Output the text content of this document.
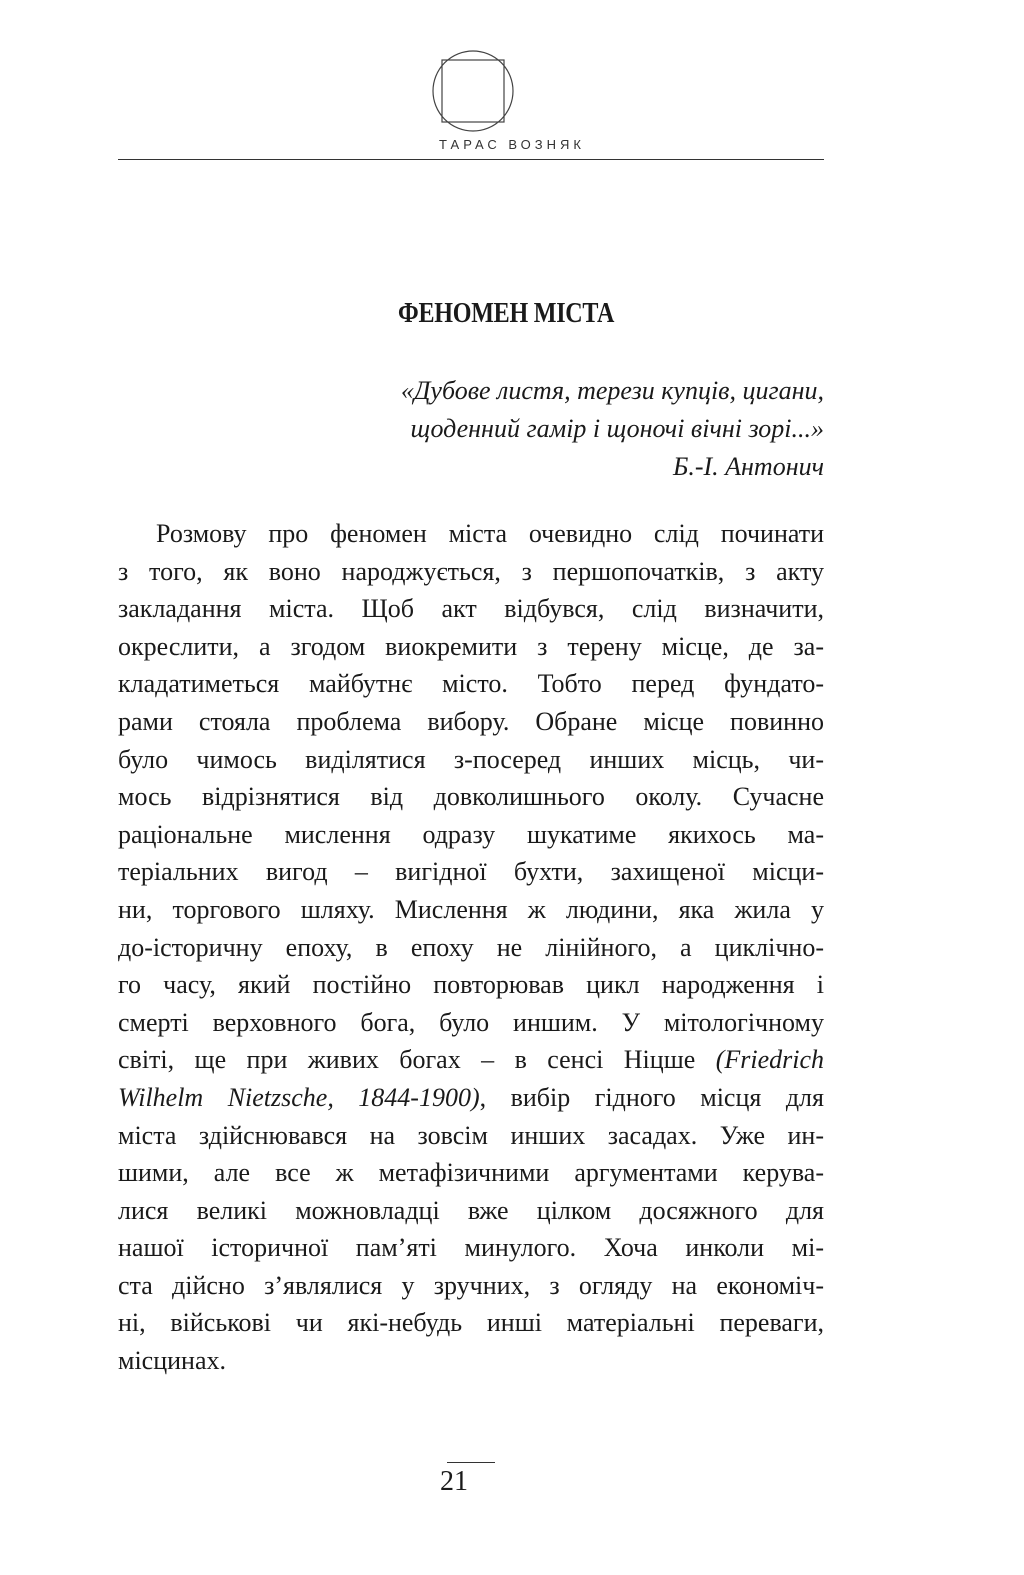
ТАРАС ВОЗНЯК
ФЕНОМЕН МІСТА
«Дубове листя, терези купців, цигани,
щоденний гамір і щоночі вічні зорі...»
Б.-І. Антонич
Розмову про феномен міста очевидно слід починати
з того, як воно народжується, з першопочатків, з акту
закладання міста. Щоб акт відбувся, слід визначити,
окреслити, а згодом виокремити з терену місце, де за-
кладатиметься майбутнє місто. Тобто перед фундато-
рами стояла проблема вибору. Обране місце повинно
було чимось виділятися з-посеред инших місць, чи-
мось відрізнятися від довколишнього околу. Сучасне
раціональне мислення одразу шукатиме якихось ма-
теріальних вигод – вигідної бухти, захищеної місци-
ни, торгового шляху. Мислення ж людини, яка жила у
до-історичну епоху, в епоху не лінійного, а циклічно-
го часу, який постійно повторював цикл народження і
смерті верховного бога, було иншим. У мітологічному
світі, ще при живих богах – в сенсі Ніцше (Friedrich
Wilhelm Nietzsche, 1844-1900), вибір гідного місця для
міста здійснювався на зовсім инших засадах. Уже ин-
шими, але все ж метафізичними аргументами керува-
лися великі можновладці вже цілком досяжного для
нашої історичної пам’яті минулого. Хоча инколи мі-
ста дійсно з’являлися у зручних, з огляду на економіч-
ні, військові чи які-небудь инші матеріальні переваги,
місцинах.
21
